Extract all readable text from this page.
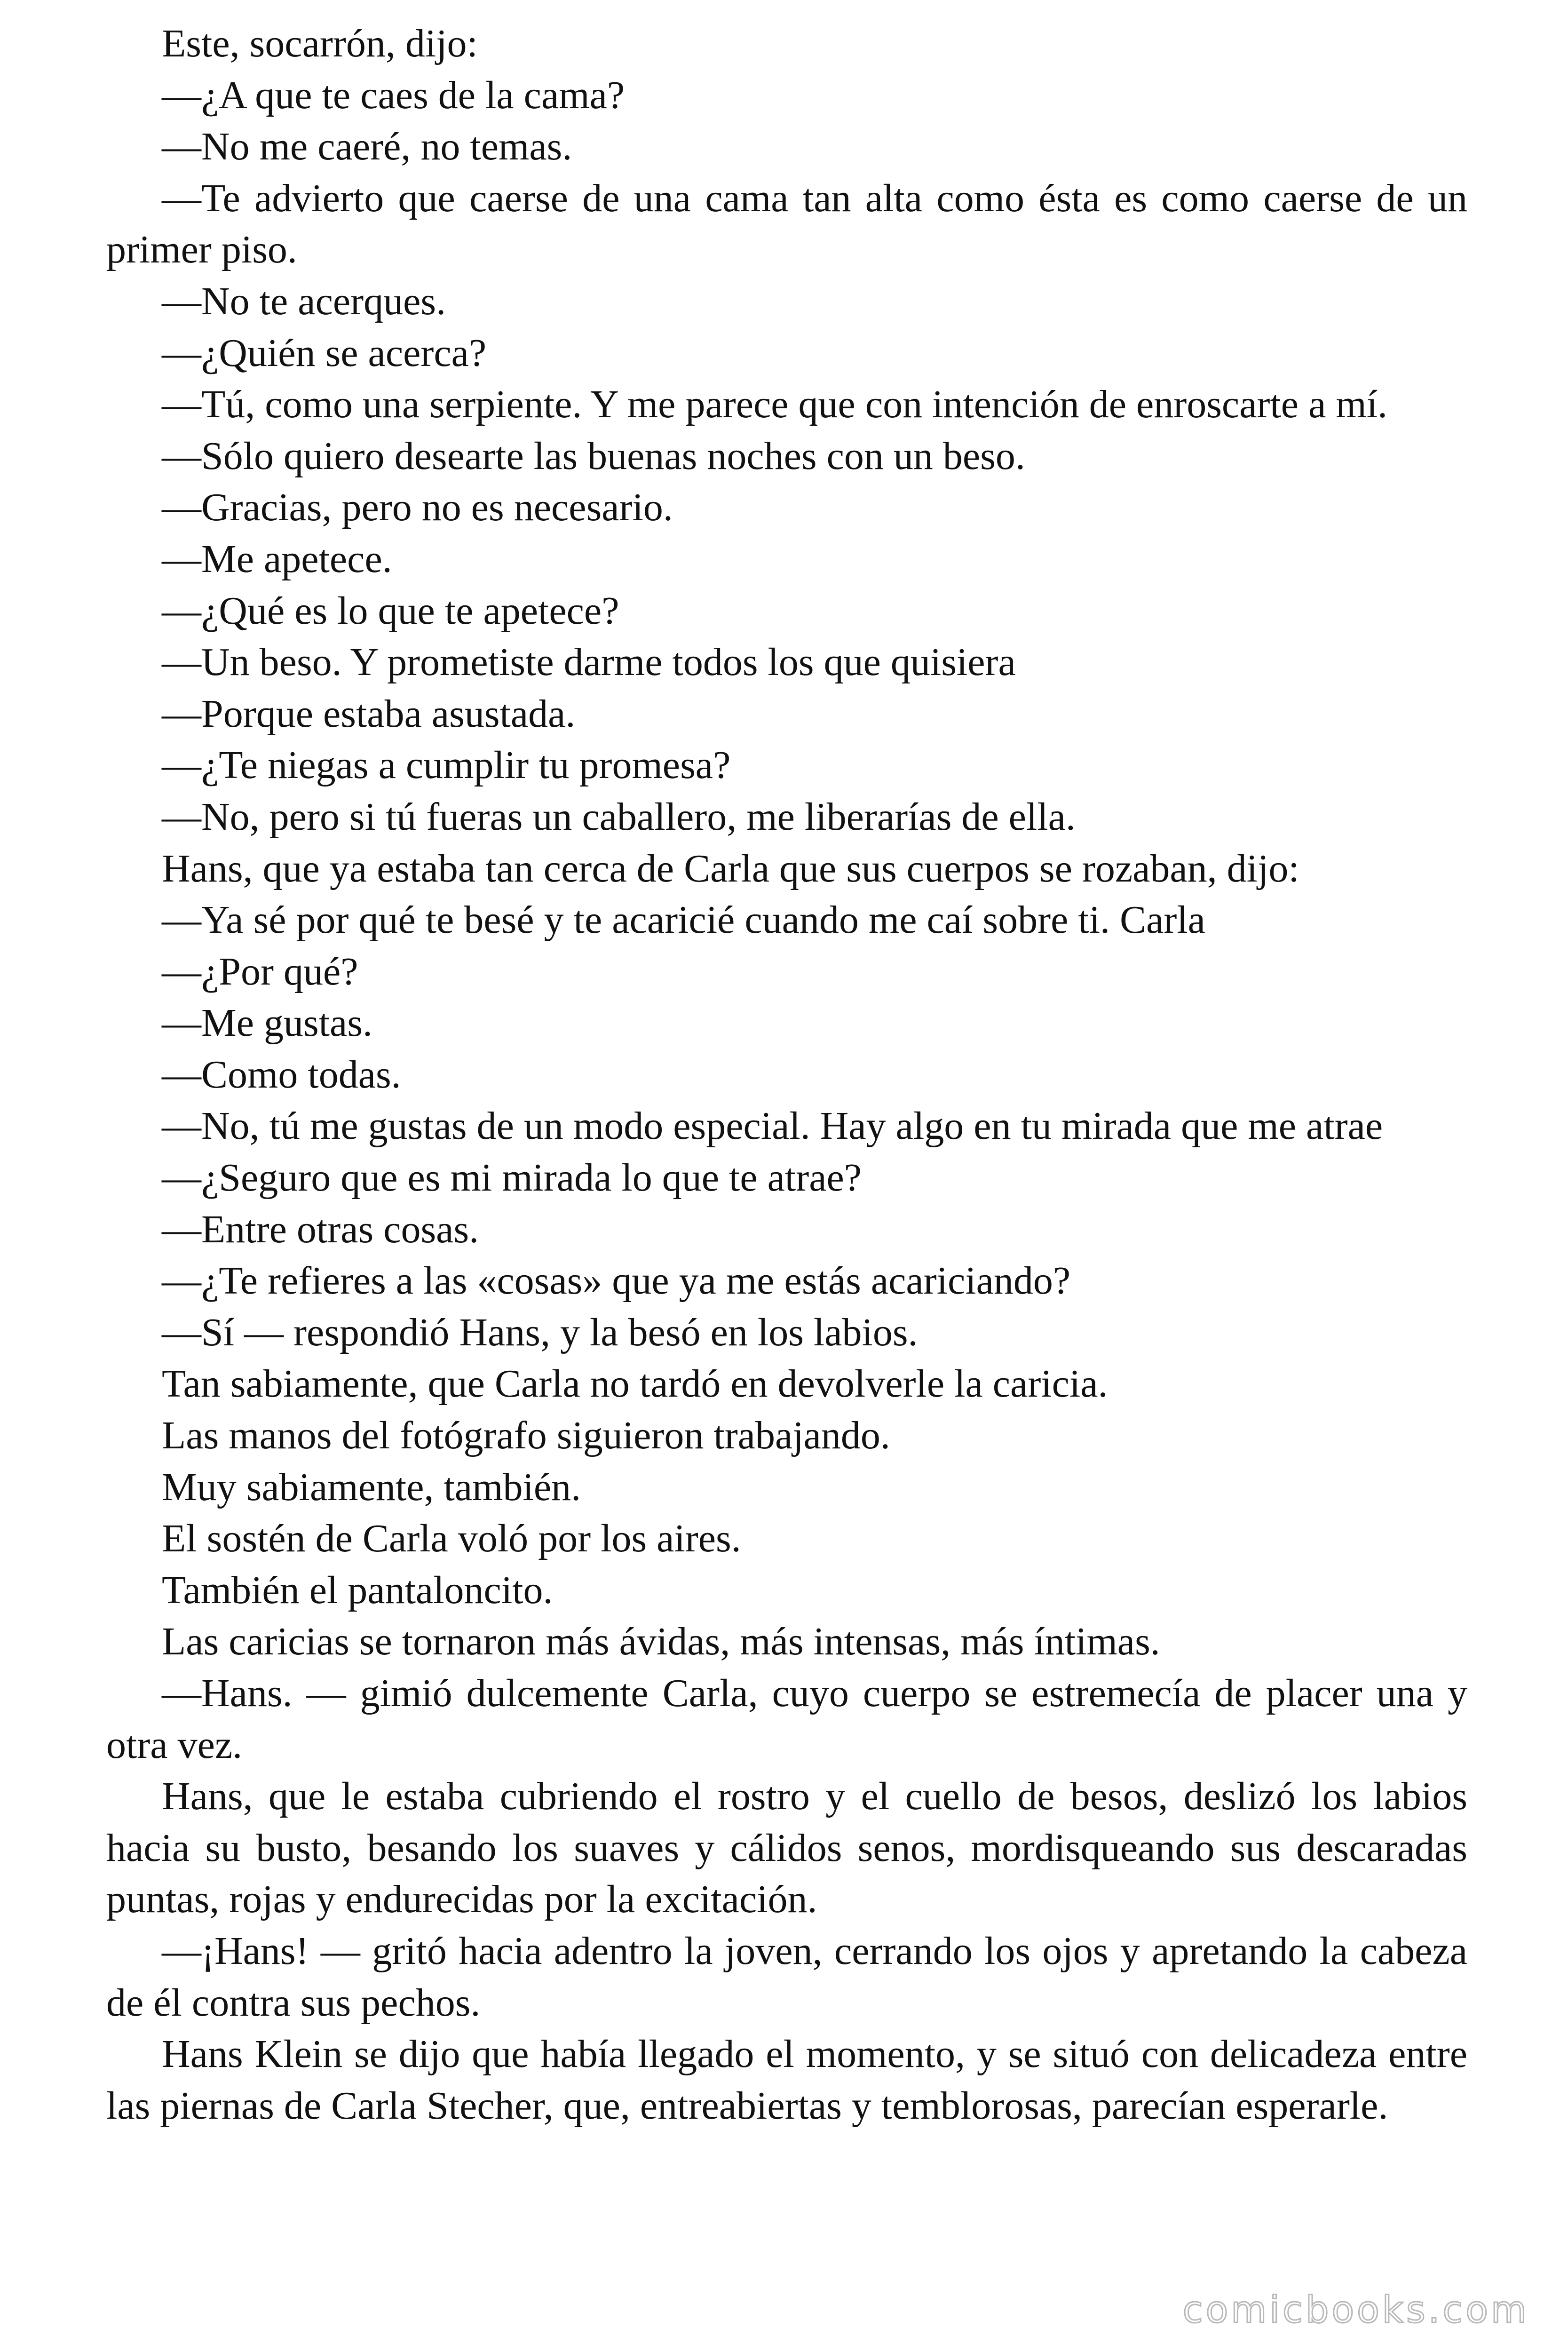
Este, socarrón, dijo:

—¿A que te caes de la cama?

—No me caeré, no temas.

—Te advierto que caerse de una cama tan alta como ésta es como caerse de un primer piso.

—No te acerques.

—¿Quién se acerca?

—Tú, como una serpiente. Y me parece que con intención de enroscarte a mí.

—Sólo quiero desearte las buenas noches con un beso.

—Gracias, pero no es necesario.

—Me apetece.

—¿Qué es lo que te apetece?

—Un beso. Y prometiste darme todos los que quisiera

—Porque estaba asustada.

—¿Te niegas a cumplir tu promesa?

—No, pero si tú fueras un caballero, me liberarías de ella.

Hans, que ya estaba tan cerca de Carla que sus cuerpos se rozaban, dijo:

—Ya sé por qué te besé y te acaricié cuando me caí sobre ti. Carla

—¿Por qué?

—Me gustas.

—Como todas.

—No, tú me gustas de un modo especial. Hay algo en tu mirada que me atrae

—¿Seguro que es mi mirada lo que te atrae?

—Entre otras cosas.

—¿Te refieres a las «cosas» que ya me estás acariciando?

—Sí — respondió Hans, y la besó en los labios.

Tan sabiamente, que Carla no tardó en devolverle la caricia.

Las manos del fotógrafo siguieron trabajando.

Muy sabiamente, también.

El sostén de Carla voló por los aires.

También el pantaloncito.

Las caricias se tornaron más ávidas, más intensas, más íntimas.

—Hans. — gimió dulcemente Carla, cuyo cuerpo se estremecía de placer una y otra vez.

Hans, que le estaba cubriendo el rostro y el cuello de besos, deslizó los labios hacia su busto, besando los suaves y cálidos senos, mordisqueando sus descaradas puntas, rojas y endurecidas por la excitación.

—¡Hans! — gritó hacia adentro la joven, cerrando los ojos y apretando la cabeza de él contra sus pechos.

Hans Klein se dijo que había llegado el momento, y se situó con delicadeza entre las piernas de Carla Stecher, que, entreabiertas y temblorosas, parecían esperarle.

comicbooks.com
